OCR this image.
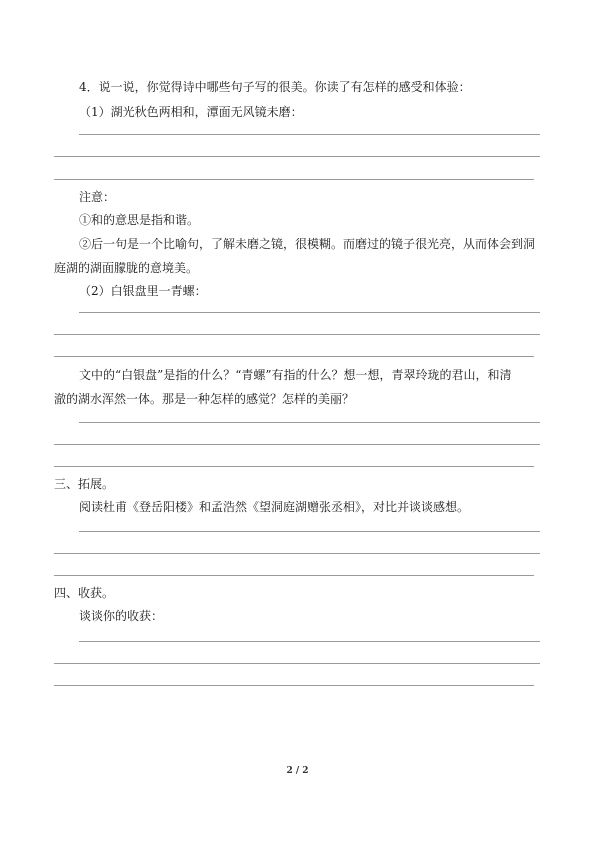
4．说一说，你觉得诗中哪些句子写的很美。你读了有怎样的感受和体验：
（1）湖光秋色两相和，潭面无风镜未磨：
注意：
①和的意思是指和谐。
②后一句是一个比喻句，了解未磨之镜，很模糊。而磨过的镜子很光亮，从而体会到洞
庭湖的湖面朦胧的意境美。
（2）白银盘里一青螺：
文中的“白银盘”是指的什么？“青螺”有指的什么？想一想，青翠玲珑的君山，和清
澈的湖水浑然一体。那是一种怎样的感觉？怎样的美丽？
三、拓展。
阅读杜甫《登岳阳楼》和孟浩然《望洞庭湖赠张丞相》，对比并谈谈感想。
四、收获。
谈谈你的收获：
2 / 2
